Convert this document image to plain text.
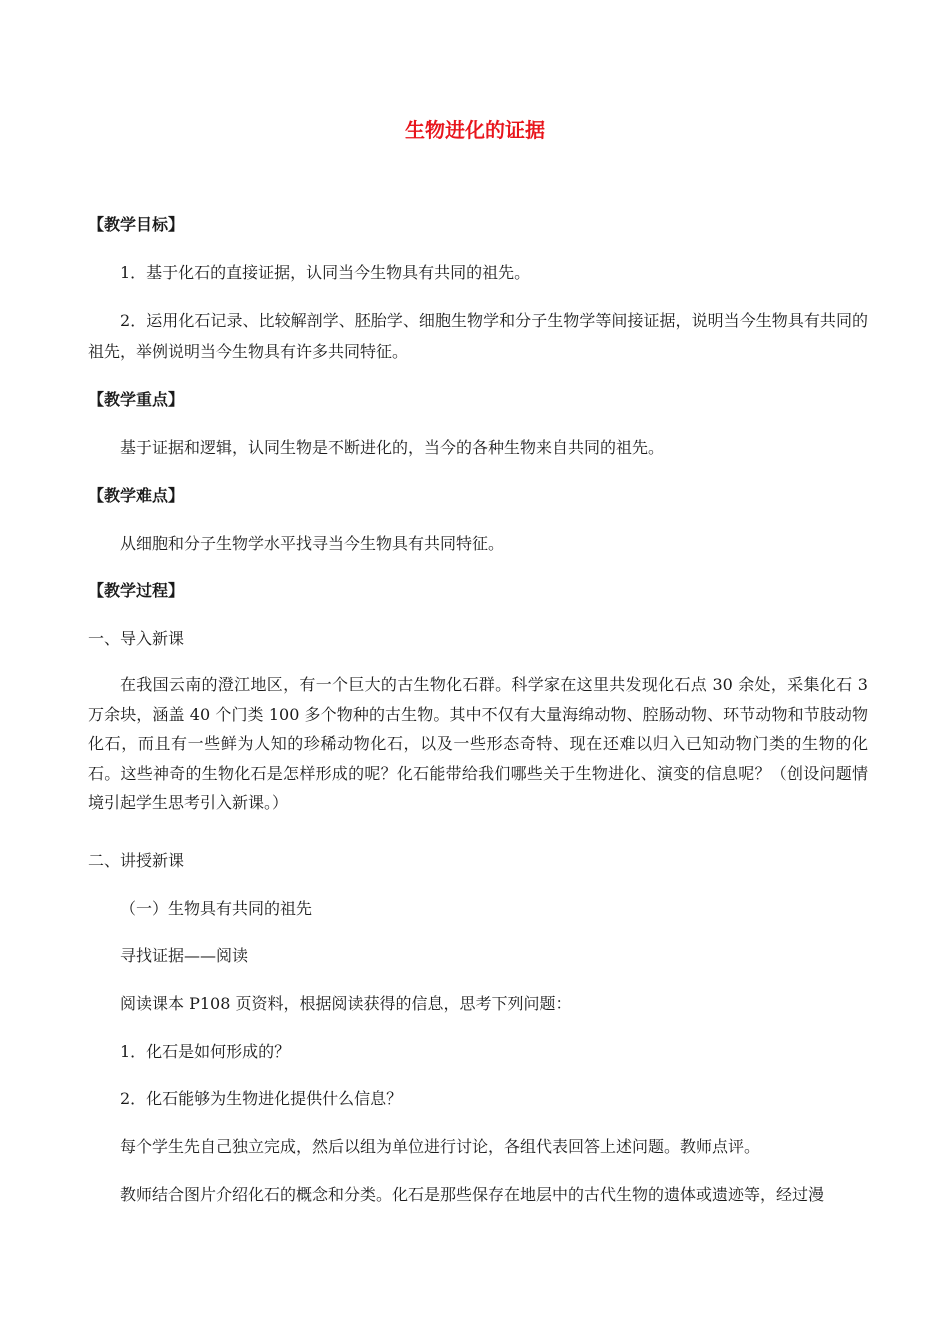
生物进化的证据
【教学目标】
1．基于化石的直接证据，认同当今生物具有共同的祖先。
2．运用化石记录、比较解剖学、胚胎学、细胞生物学和分子生物学等间接证据，说明当今生物具有共同的祖先，举例说明当今生物具有许多共同特征。
【教学重点】
基于证据和逻辑，认同生物是不断进化的，当今的各种生物来自共同的祖先。
【教学难点】
从细胞和分子生物学水平找寻当今生物具有共同特征。
【教学过程】
一、导入新课
在我国云南的澄江地区，有一个巨大的古生物化石群。科学家在这里共发现化石点 30 余处，采集化石 3 万余块，涵盖 40 个门类 100 多个物种的古生物。其中不仅有大量海绵动物、腔肠动物、环节动物和节肢动物化石，而且有一些鲜为人知的珍稀动物化石，以及一些形态奇特、现在还难以归入已知动物门类的生物的化石。这些神奇的生物化石是怎样形成的呢？化石能带给我们哪些关于生物进化、演变的信息呢？（创设问题情境引起学生思考引入新课。）
二、讲授新课
（一）生物具有共同的祖先
寻找证据——阅读
阅读课本 P108 页资料，根据阅读获得的信息，思考下列问题：
1．化石是如何形成的？
2．化石能够为生物进化提供什么信息？
每个学生先自己独立完成，然后以组为单位进行讨论，各组代表回答上述问题。教师点评。
教师结合图片介绍化石的概念和分类。化石是那些保存在地层中的古代生物的遗体或遗迹等，经过漫
